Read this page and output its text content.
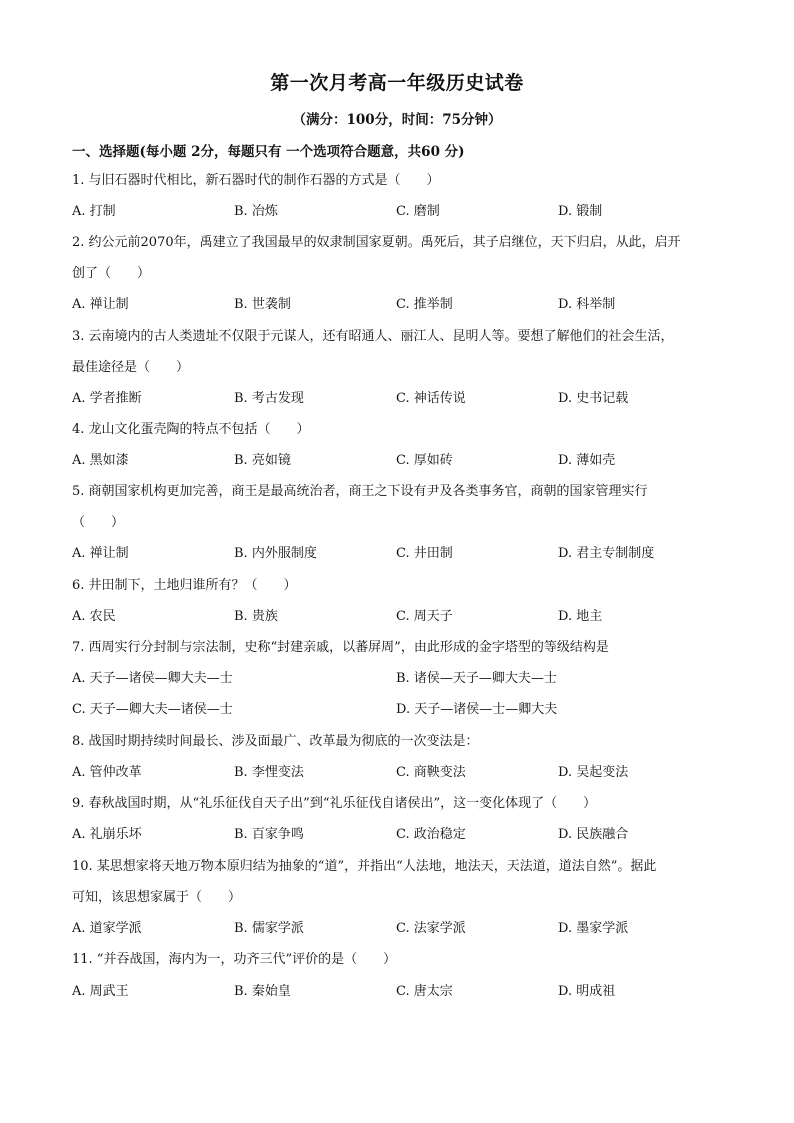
第一次月考高一年级历史试卷
（满分：100分，时间：75分钟）
一、选择题(每小题 2分，每题只有 一个选项符合题意，共60 分)
1. 与旧石器时代相比，新石器时代的制作石器的方式是（　　）
A. 打制	B. 冶炼	C. 磨制	D. 锻制
2. 约公元前2070年，禹建立了我国最早的奴隶制国家夏朝。禹死后，其子启继位，天下归启，从此，启开
创了（　　）
A. 禅让制	B. 世袭制	C. 推举制	D. 科举制
3. 云南境内的古人类遗址不仅限于元谋人，还有昭通人、丽江人、昆明人等。要想了解他们的社会生活，
最佳途径是（　　）
A. 学者推断	B. 考古发现	C. 神话传说	D. 史书记载
4. 龙山文化蛋壳陶的特点不包括（　　）
A. 黑如漆	B. 亮如镜	C. 厚如砖	D. 薄如壳
5. 商朝国家机构更加完善，商王是最高统治者，商王之下设有尹及各类事务官，商朝的国家管理实行
（　　）
A. 禅让制	B. 内外服制度	C. 井田制	D. 君主专制制度
6. 井田制下，土地归谁所有？（　　）
A. 农民	B. 贵族	C. 周天子	D. 地主
7. 西周实行分封制与宗法制，史称“封建亲戚，以蕃屏周”，由此形成的金字塔型的等级结构是
A. 天子—诸侯—卿大夫—士	B. 诸侯—天子—卿大夫—士
C. 天子—卿大夫—诸侯—士	D. 天子—诸侯—士—卿大夫
8. 战国时期持续时间最长、涉及面最广、改革最为彻底的一次变法是：
A. 管仲改革	B. 李悝变法	C. 商鞅变法	D. 吴起变法
9. 春秋战国时期，从“礼乐征伐自天子出”到“礼乐征伐自诸侯出”，这一变化体现了（　　）
A. 礼崩乐坏	B. 百家争鸣	C. 政治稳定	D. 民族融合
10. 某思想家将天地万物本原归结为抽象的“道”，并指出“人法地，地法天，天法道，道法自然”。据此
可知，该思想家属于（　　）
A. 道家学派	B. 儒家学派	C. 法家学派	D. 墨家学派
11. “并吞战国，海内为一，功齐三代”评价的是（　　）
A. 周武王	B. 秦始皇	C. 唐太宗	D. 明成祖
